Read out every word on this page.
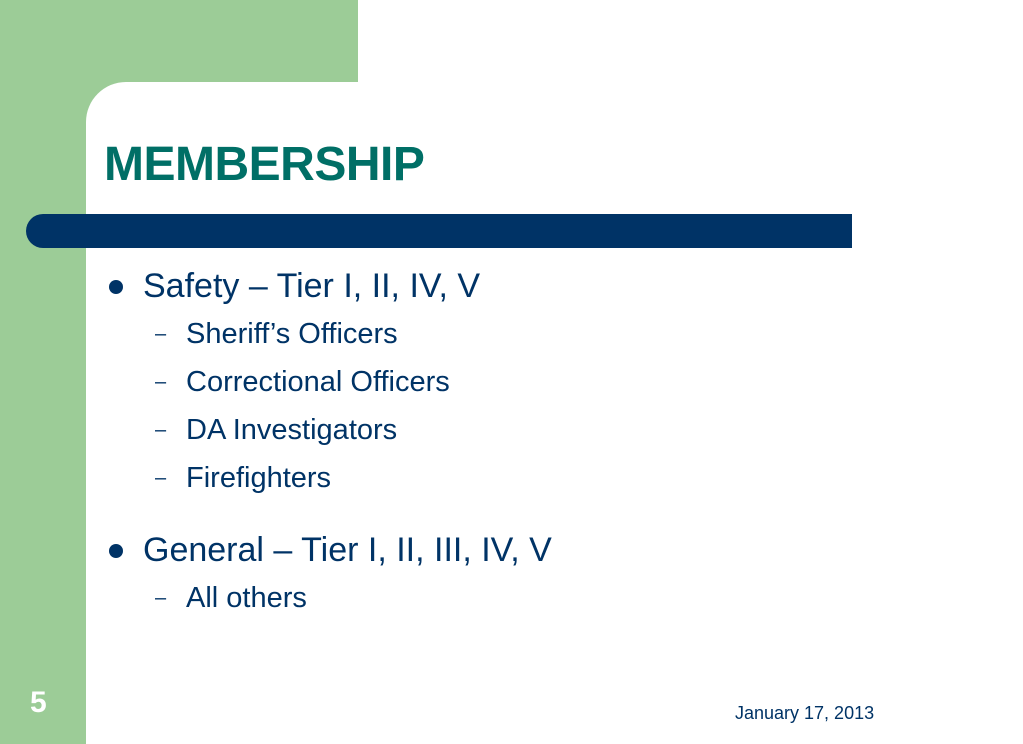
MEMBERSHIP
Safety – Tier I, II, IV, V
– Sheriff’s Officers
– Correctional Officers
– DA Investigators
– Firefighters
General – Tier I, II, III, IV, V
– All others
5	January 17, 2013
